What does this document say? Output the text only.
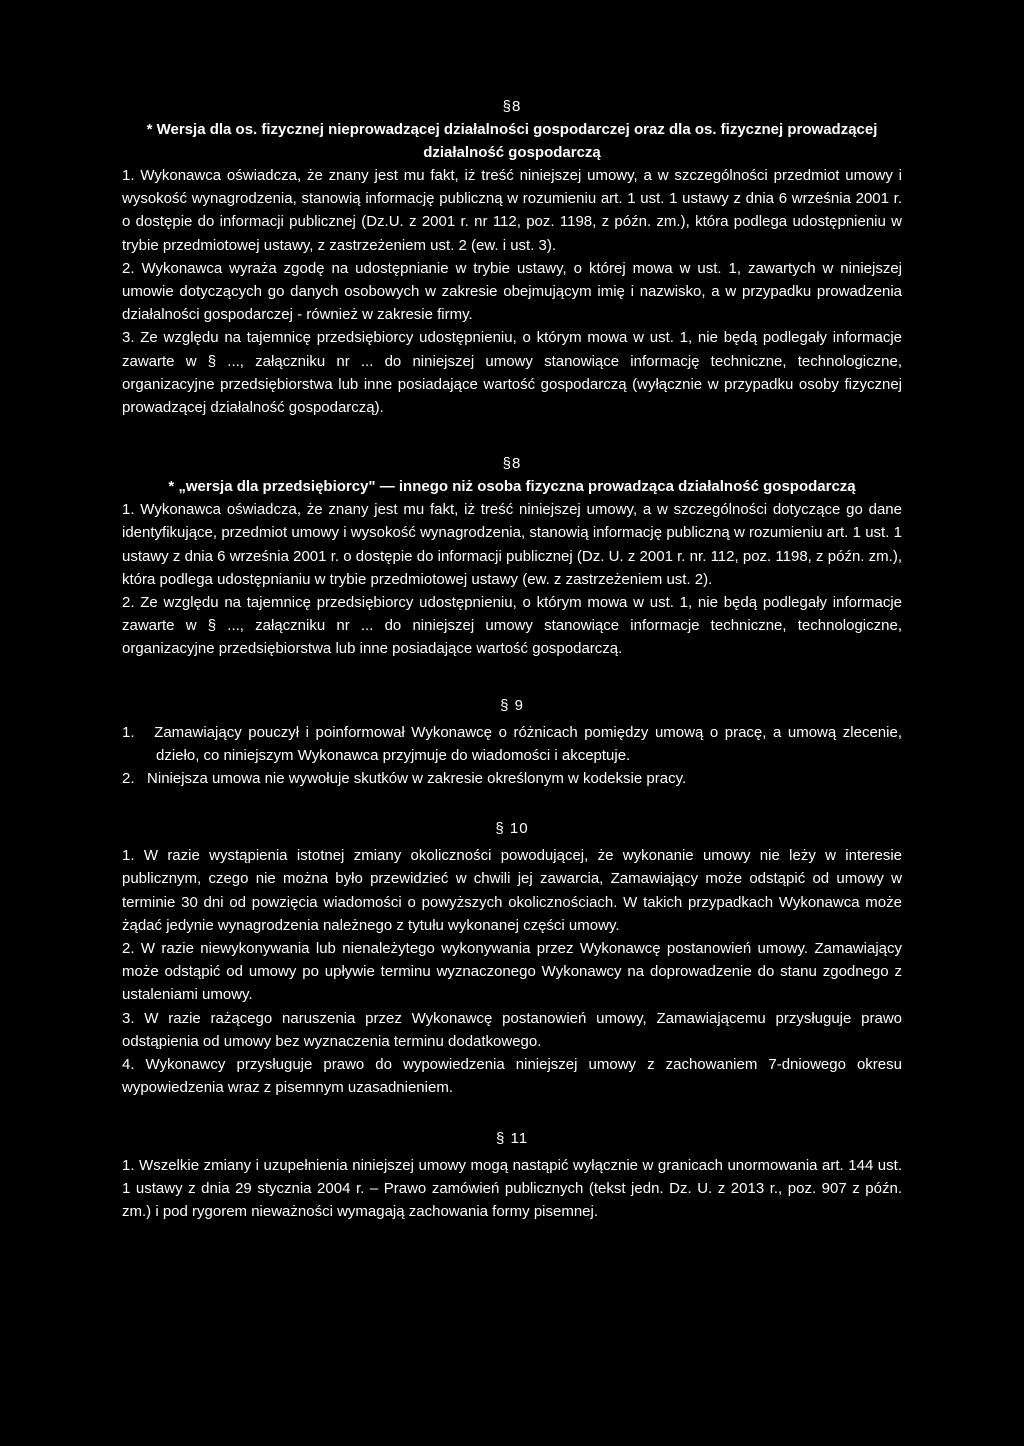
§8

* Wersja dla os. fizycznej nieprowadzącej działalności gospodarczej oraz dla os. fizycznej prowadzącej działalność gospodarczą

1. Wykonawca oświadcza, że znany jest mu fakt, iż treść niniejszej umowy, a w szczególności przedmiot umowy i wysokość wynagrodzenia, stanowią informację publiczną w rozumieniu art. 1 ust. 1 ustawy z dnia 6 września 2001 r. o dostępie do informacji publicznej (Dz.U. z 2001 r. nr 112, poz. 1198, z późn. zm.), która podlega udostępnieniu w trybie przedmiotowej ustawy, z zastrzeżeniem ust. 2 (ew. i ust. 3).

2. Wykonawca wyraża zgodę na udostępnianie w trybie ustawy, o której mowa w ust. 1, zawartych w niniejszej umowie dotyczących go danych osobowych w zakresie obejmującym imię i nazwisko, a w przypadku prowadzenia działalności gospodarczej - również w zakresie firmy.

3. Ze względu na tajemnicę przedsiębiorcy udostępnieniu, o którym mowa w ust. 1, nie będą podlegały informacje zawarte w § ..., załączniku nr ... do niniejszej umowy stanowiące informację techniczne, technologiczne, organizacyjne przedsiębiorstwa lub inne posiadające wartość gospodarczą (wyłącznie w przypadku osoby fizycznej prowadzącej działalność gospodarczą).

§8

* „wersja dla przedsiębiorcy" — innego niż osoba fizyczna prowadząca działalność gospodarczą

1. Wykonawca oświadcza, że znany jest mu fakt, iż treść niniejszej umowy, a w szczególności dotyczące go dane identyfikujące, przedmiot umowy i wysokość wynagrodzenia, stanowią informację publiczną w rozumieniu art. 1 ust. 1 ustawy z dnia 6 września 2001 r. o dostępie do informacji publicznej (Dz. U. z 2001 r. nr. 112, poz. 1198, z późn. zm.), która podlega udostępnianiu w trybie przedmiotowej ustawy (ew. z zastrzeżeniem ust. 2).

2. Ze względu na tajemnicę przedsiębiorcy udostępnieniu, o którym mowa w ust. 1, nie będą podlegały informacje zawarte w § ..., załączniku nr ... do niniejszej umowy stanowiące informacje techniczne, technologiczne, organizacyjne przedsiębiorstwa lub inne posiadające wartość gospodarczą.

§ 9

1. Zamawiający pouczył i poinformował Wykonawcę o różnicach pomiędzy umową o pracę, a umową zlecenie, dzieło, co niniejszym Wykonawca przyjmuje do wiadomości i akceptuje.

2. Niniejsza umowa nie wywołuje skutków w zakresie określonym w kodeksie pracy.

§ 10

1. W razie wystąpienia istotnej zmiany okoliczności powodującej, że wykonanie umowy nie leży w interesie publicznym, czego nie można było przewidzieć w chwili jej zawarcia, Zamawiający może odstąpić od umowy w terminie 30 dni od powzięcia wiadomości o powyższych okolicznościach. W takich przypadkach Wykonawca może żądać jedynie wynagrodzenia należnego z tytułu wykonanej części umowy.

2. W razie niewykonywania lub nienależytego wykonywania przez Wykonawcę postanowień umowy. Zamawiający może odstąpić od umowy po upływie terminu wyznaczonego Wykonawcy na doprowadzenie do stanu zgodnego z ustaleniami umowy.

3. W razie rażącego naruszenia przez Wykonawcę postanowień umowy, Zamawiającemu przysługuje prawo odstąpienia od umowy bez wyznaczenia terminu dodatkowego.

4. Wykonawcy przysługuje prawo do wypowiedzenia niniejszej umowy z zachowaniem 7-dniowego okresu wypowiedzenia wraz z pisemnym uzasadnieniem.

§ 11

1. Wszelkie zmiany i uzupełnienia niniejszej umowy mogą nastąpić wyłącznie w granicach unormowania art. 144 ust. 1 ustawy z dnia 29 stycznia 2004 r. – Prawo zamówień publicznych (tekst jedn. Dz. U. z 2013 r., poz. 907 z późn. zm.) i pod rygorem nieważności wymagają zachowania formy pisemnej.
